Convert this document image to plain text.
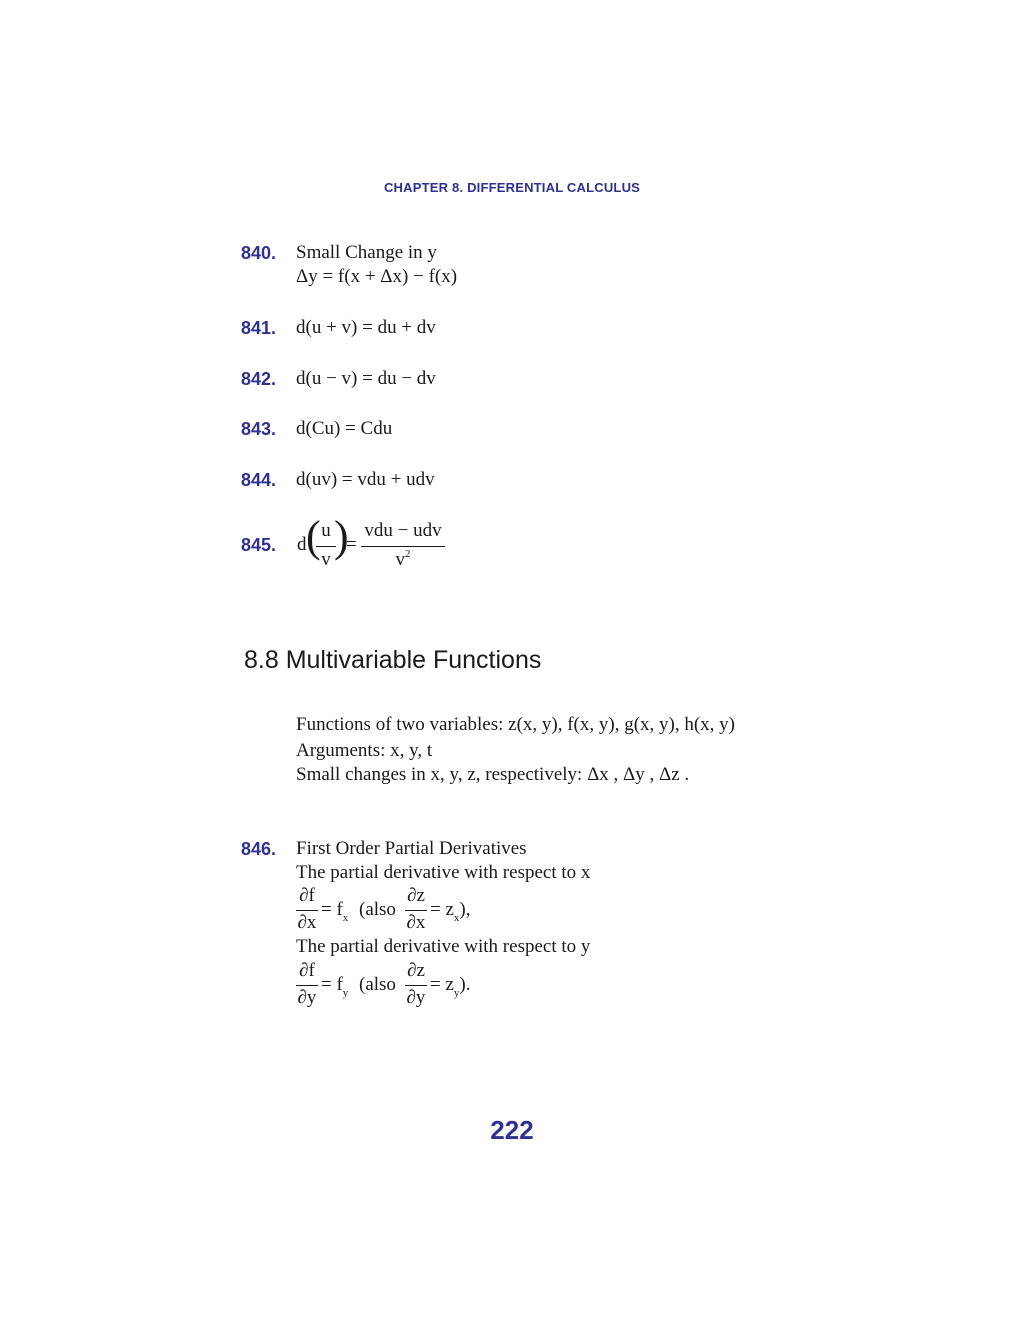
CHAPTER 8. DIFFERENTIAL CALCULUS
840. Small Change in y
Δy = f(x + Δx) − f(x)
841. d(u + v) = du + dv
842. d(u − v) = du − dv
843. d(Cu) = Cdu
844. d(uv) = vdu + udv
845. d ( u
v )
=
vdu − udv
$v^2$
8.8 Multivariable Functions
Functions of two variables: z(x, y), f(x, y), g(x, y), h(x, y)
Arguments: x, y, t
Small changes in x, y, z, respectively: Δx , Δy , Δz .
846. First Order Partial Derivatives
The partial derivative with respect to x
∂f
∂x
= $f_x$ (also
∂z
∂x
= $z_x$),
The partial derivative with respect to y
∂f
∂y
= $f_y$ (also
∂z
∂y
= $z_y$).
222
